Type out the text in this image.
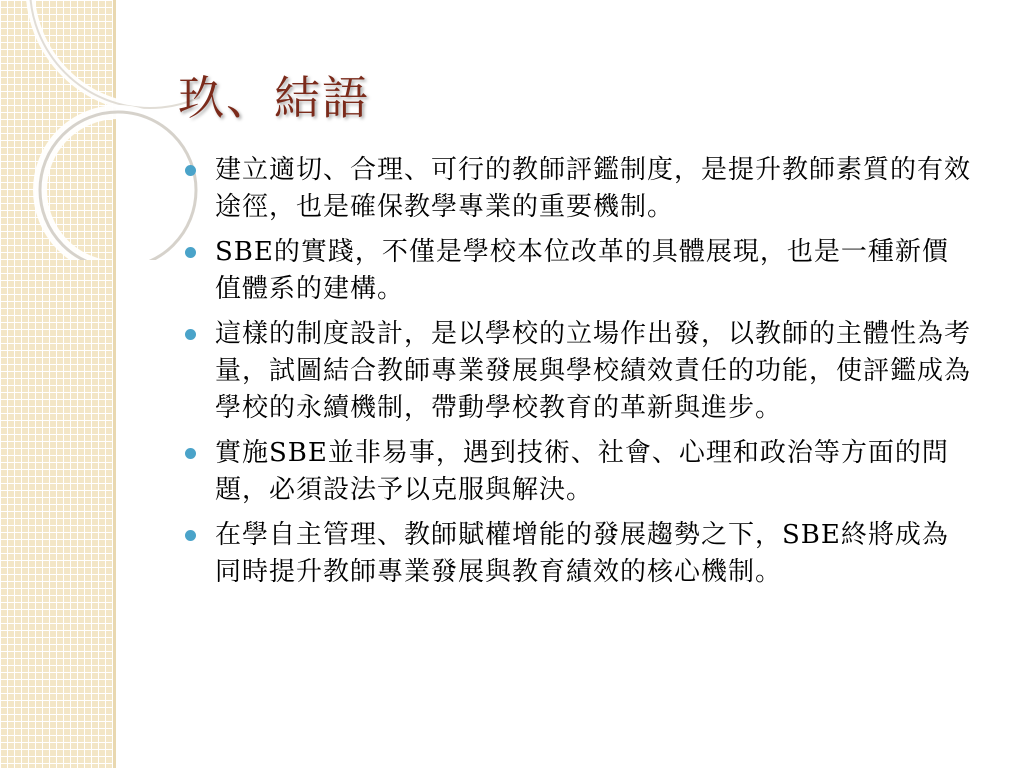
玖、結語
建立適切、合理、可行的教師評鑑制度，是提升教師素質的有效途徑，也是確保教學專業的重要機制。
SBE的實踐，不僅是學校本位改革的具體展現，也是一種新價值體系的建構。
這樣的制度設計，是以學校的立場作出發，以教師的主體性為考量，試圖結合教師專業發展與學校績效責任的功能，使評鑑成為學校的永續機制，帶動學校教育的革新與進步。
實施SBE並非易事，遇到技術、社會、心理和政治等方面的問題，必須設法予以克服與解決。
在學自主管理、教師賦權增能的發展趨勢之下，SBE終將成為同時提升教師專業發展與教育績效的核心機制。
